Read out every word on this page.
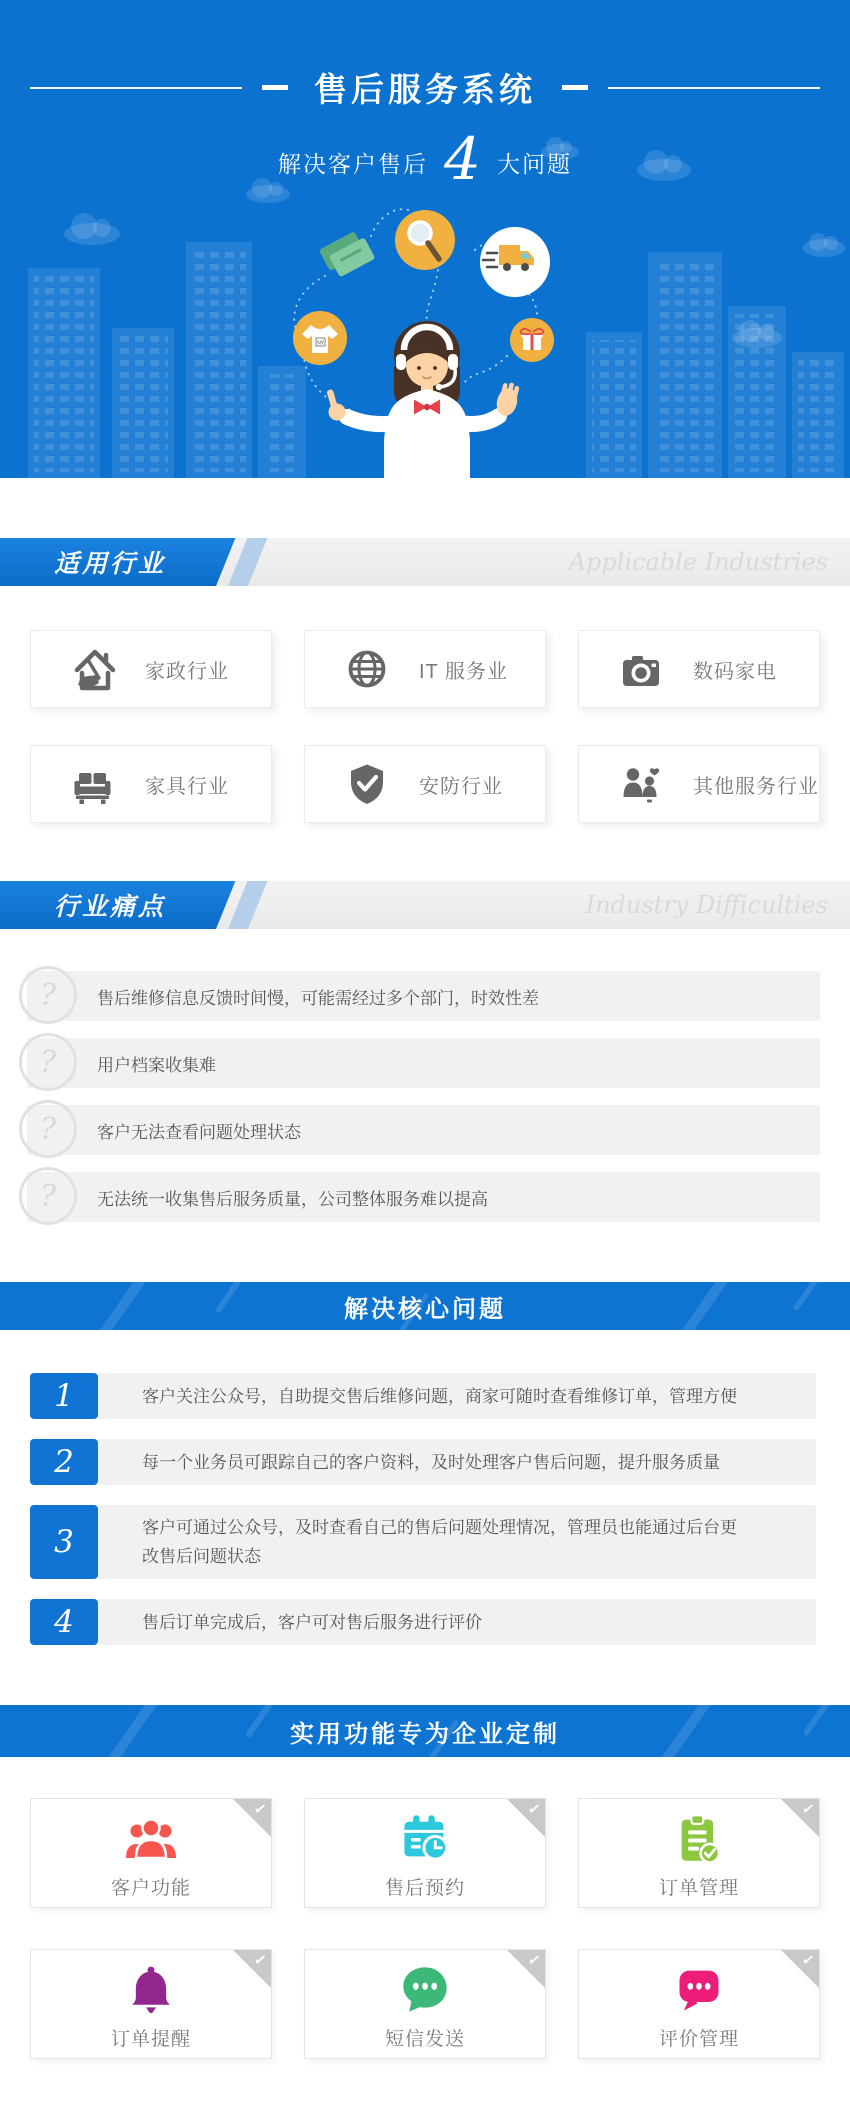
售后服务系统
解决客户售后 4 大问题
NY
适用行业	Applicable Industries
家政行业	IT 服务业	数码家电
家具行业	安防行业	其他服务行业
行业痛点	Industry Difficulties
?	售后维修信息反馈时间慢，可能需经过多个部门，时效性差
?	用户档案收集难
?	客户无法查看问题处理状态
?	无法统一收集售后服务质量，公司整体服务难以提高
解决核心问题
1	客户关注公众号，自助提交售后维修问题，商家可随时查看维修订单，管理方便
2	每一个业务员可跟踪自己的客户资料，及时处理客户售后问题，提升服务质量
3	客户可通过公众号，及时查看自己的售后问题处理情况，管理员也能通过后台更改售后问题状态
4	售后订单完成后，客户可对售后服务进行评价
实用功能专为企业定制
✓
客户功能
✓
售后预约
✓
订单管理
✓
订单提醒
✓
短信发送
✓
评价管理
